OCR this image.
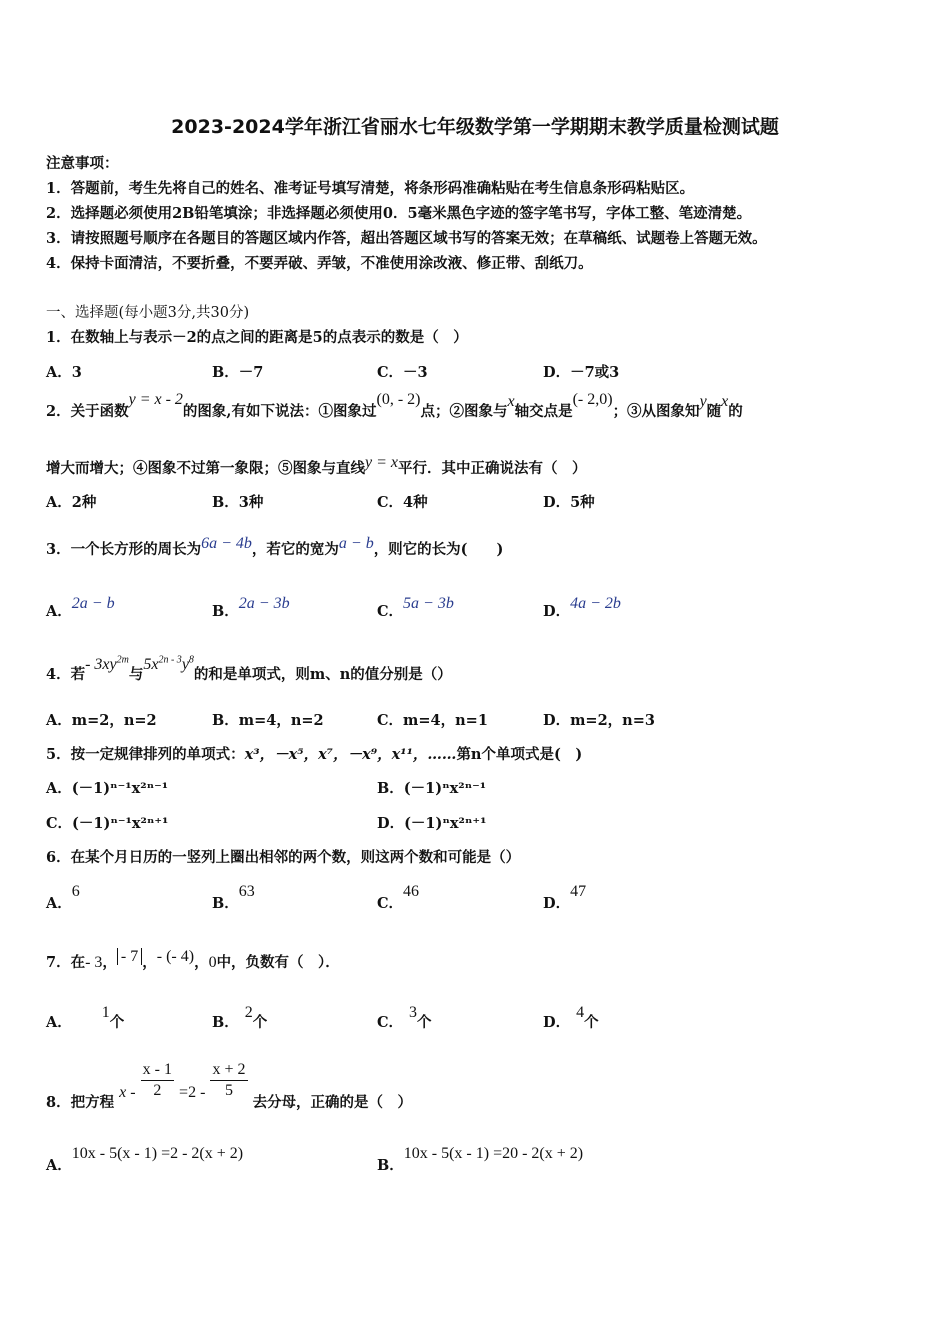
2023-2024学年浙江省丽水七年级数学第一学期期末教学质量检测试题
注意事项：
1．答题前，考生先将自己的姓名、准考证号填写清楚，将条形码准确粘贴在考生信息条形码粘贴区。
2．选择题必须使用2B铅笔填涂；非选择题必须使用0．5毫米黑色字迹的签字笔书写，字体工整、笔迹清楚。
3．请按照题号顺序在各题目的答题区域内作答，超出答题区域书写的答案无效；在草稿纸、试题卷上答题无效。
4．保持卡面清洁，不要折叠，不要弄破、弄皱，不准使用涂改液、修正带、刮纸刀。
一、选择题(每小题3分,共30分)
1．在数轴上与表示－2的点之间的距离是5的点表示的数是（　）
A．3	B．－7	C．－3	D．－7或3
2．关于函数y = x - 2的图象,有如下说法：①图象过(0, - 2)点；②图象与x轴交点是(- 2,0)；③从图象知y随x的
增大而增大；④图象不过第一象限；⑤图象与直线y = x平行．其中正确说法有（　）
A．2种	B．3种	C．4种	D．5种
3．一个长方形的周长为6a − 4b，若它的宽为a − b，则它的长为(　　)
A．2a − b	B．2a − 3b	C．5a − 3b	D．4a − 2b
4．若- $3xy^{2m}$与$5x^{2n - 3}y^8$的和是单项式，则m、n的值分别是（）
A．m=2，n=2	B．m=4，n=2	C．m=4，n=1	D．m=2，n=3
5．按一定规律排列的单项式：x³，－x⁵，x⁷，－x⁹，x¹¹，……第n个单项式是(　)
A．(－1)ⁿ⁻¹x²ⁿ⁻¹	B．(－1)ⁿx²ⁿ⁻¹
C．(－1)ⁿ⁻¹x²ⁿ⁺¹	D．(－1)ⁿx²ⁿ⁺¹
6．在某个月日历的一竖列上圈出相邻的两个数，则这两个数和可能是（）
A．6
B．63
C．46
D．47
7．在- 3， - 7 ，- (- 4)，0中，负数有（　）．
A．1个	B．2个	C．3个	D．4个
8．把方程 $x - \frac{x - 1}{2} =2 - \frac{x + 2}{5}$
去分母，正确的是（　）
A．10x - 5(x - 1) =2 - 2(x + 2)
B．10x - 5(x - 1) =20 - 2(x + 2)
